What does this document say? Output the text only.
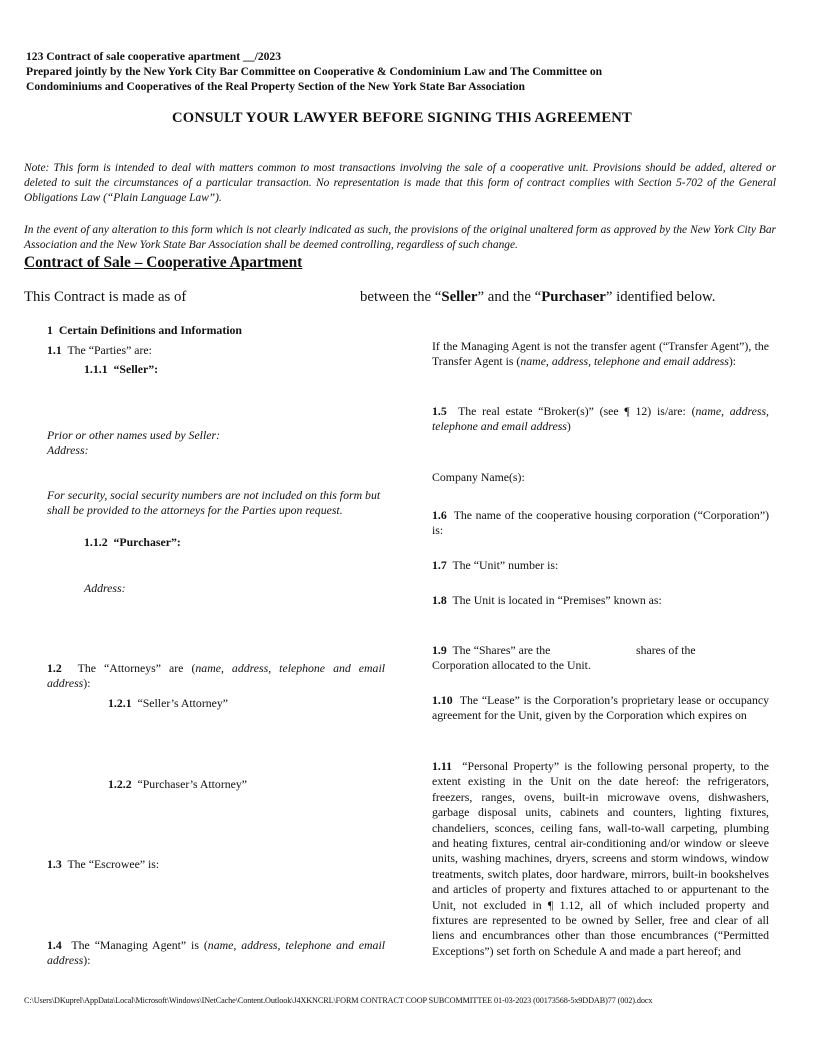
123 Contract of sale cooperative apartment __/2023
Prepared jointly by the New York City Bar Committee on Cooperative & Condominium Law and The Committee on
Condominiums and Cooperatives of the Real Property Section of the New York State Bar Association
CONSULT YOUR LAWYER BEFORE SIGNING THIS AGREEMENT
Note: This form is intended to deal with matters common to most transactions involving the sale of a cooperative unit. Provisions should be added, altered or deleted to suit the circumstances of a particular transaction. No representation is made that this form of contract complies with Section 5-702 of the General Obligations Law (“Plain Language Law”).
In the event of any alteration to this form which is not clearly indicated as such, the provisions of the original unaltered form as approved by the New York City Bar Association and the New York State Bar Association shall be deemed controlling, regardless of such change.
Contract of Sale – Cooperative Apartment
This Contract is made as of	between the “Seller” and the “Purchaser” identified below.
1 Certain Definitions and Information
1.1 The “Parties” are:
1.1.1 “Seller”:
Prior or other names used by Seller:
Address:
For security, social security numbers are not included on this form but shall be provided to the attorneys for the Parties upon request.
1.1.2 “Purchaser”:
Address:
1.2 The “Attorneys” are (name, address, telephone and email address):
1.2.1 “Seller’s Attorney”
1.2.2 “Purchaser’s Attorney”
1.3 The “Escrowee” is:
1.4 The “Managing Agent” is (name, address, telephone and email address):
If the Managing Agent is not the transfer agent (“Transfer Agent”), the Transfer Agent is (name, address, telephone and email address):
1.5 The real estate “Broker(s)” (see ¶ 12) is/are: (name, address, telephone and email address)
Company Name(s):
1.6 The name of the cooperative housing corporation (“Corporation”) is:
1.7 The “Unit” number is:
1.8 The Unit is located in “Premises” known as:
1.9 The “Shares” are the	shares of the
Corporation allocated to the Unit.
1.10 The “Lease” is the Corporation’s proprietary lease or occupancy agreement for the Unit, given by the Corporation which expires on
1.11 “Personal Property” is the following personal property, to the extent existing in the Unit on the date hereof: the refrigerators, freezers, ranges, ovens, built-in microwave ovens, dishwashers, garbage disposal units, cabinets and counters, lighting fixtures, chandeliers, sconces, ceiling fans, wall-to-wall carpeting, plumbing and heating fixtures, central air-conditioning and/or window or sleeve units, washing machines, dryers, screens and storm windows, window treatments, switch plates, door hardware, mirrors, built-in bookshelves and articles of property and fixtures attached to or appurtenant to the Unit, not excluded in ¶ 1.12, all of which included property and fixtures are represented to be owned by Seller, free and clear of all liens and encumbrances other than those encumbrances (“Permitted Exceptions”) set forth on Schedule A and made a part hereof; and
C:\Users\DKuprel\AppData\Local\Microsoft\Windows\INetCache\Content.Outlook\J4XKNCRL\FORM CONTRACT COOP SUBCOMMITTEE 01-03-2023 (00173568-5x9DDAB)77 (002).docx
